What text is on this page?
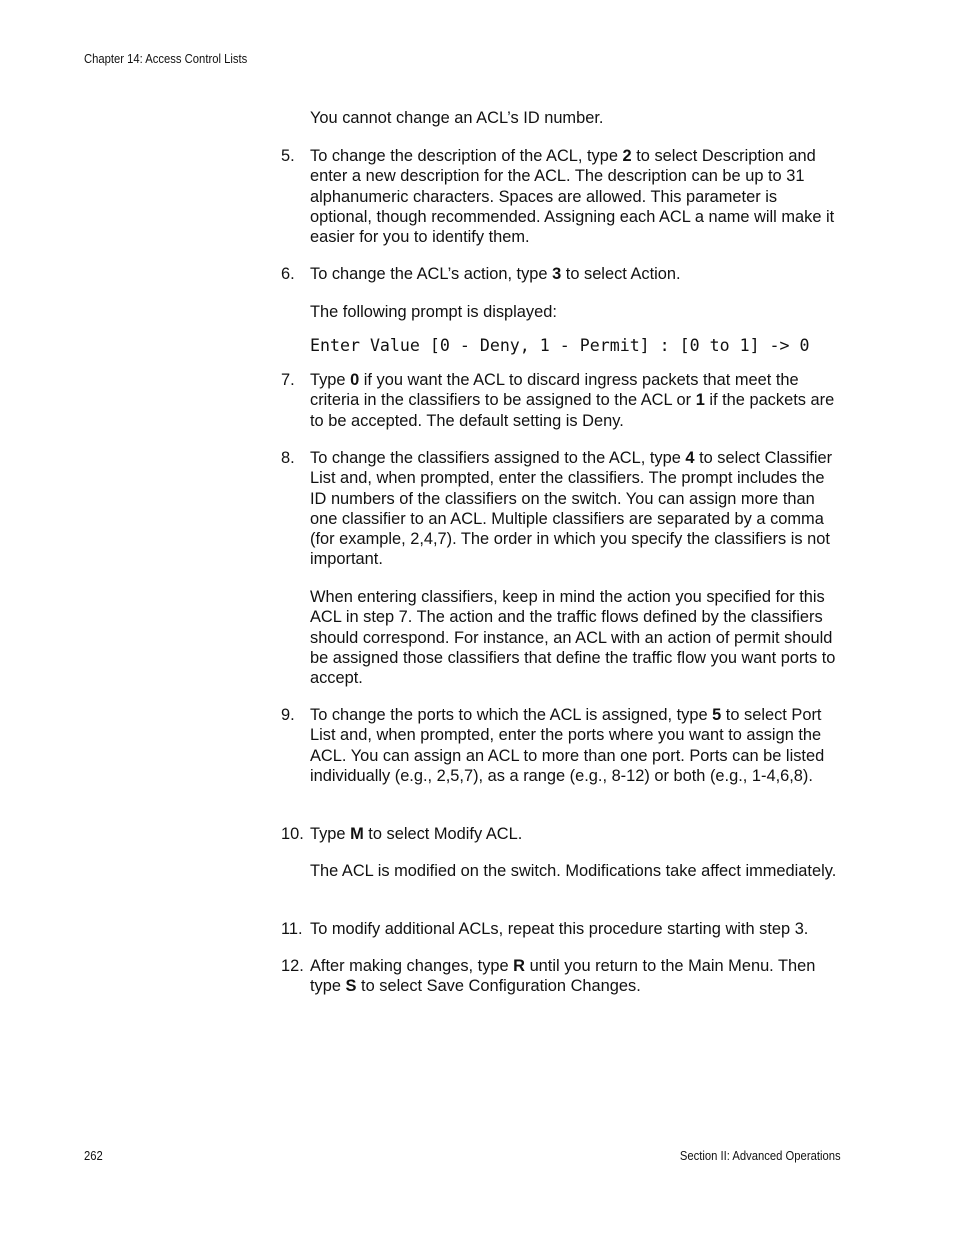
Chapter 14: Access Control Lists

You cannot change an ACL’s ID number.

5. To change the description of the ACL, type 2 to select Description and enter a new description for the ACL. The description can be up to 31 alphanumeric characters. Spaces are allowed. This parameter is optional, though recommended. Assigning each ACL a name will make it easier for you to identify them.
6. To change the ACL’s action, type 3 to select Action.

The following prompt is displayed:

Enter Value [0 - Deny, 1 - Permit] : [0 to 1] -> 0
7. Type 0 if you want the ACL to discard ingress packets that meet the criteria in the classifiers to be assigned to the ACL or 1 if the packets are to be accepted. The default setting is Deny.
8. To change the classifiers assigned to the ACL, type 4 to select Classifier List and, when prompted, enter the classifiers. The prompt includes the ID numbers of the classifiers on the switch. You can assign more than one classifier to an ACL. Multiple classifiers are separated by a comma (for example, 2,4,7). The order in which you specify the classifiers is not important.

When entering classifiers, keep in mind the action you specified for this ACL in step 7. The action and the traffic flows defined by the classifiers should correspond. For instance, an ACL with an action of permit should be assigned those classifiers that define the traffic flow you want ports to accept.

9. To change the ports to which the ACL is assigned, type 5 to select Port List and, when prompted, enter the ports where you want to assign the ACL. You can assign an ACL to more than one port. Ports can be listed individually (e.g., 2,5,7), as a range (e.g., 8-12) or both (e.g., 1-4,6,8).
10. Type M to select Modify ACL.

The ACL is modified on the switch. Modifications take affect immediately.

11. To modify additional ACLs, repeat this procedure starting with step 3.
12. After making changes, type R until you return to the Main Menu. Then type S to select Save Configuration Changes.
262	Section II: Advanced Operations
